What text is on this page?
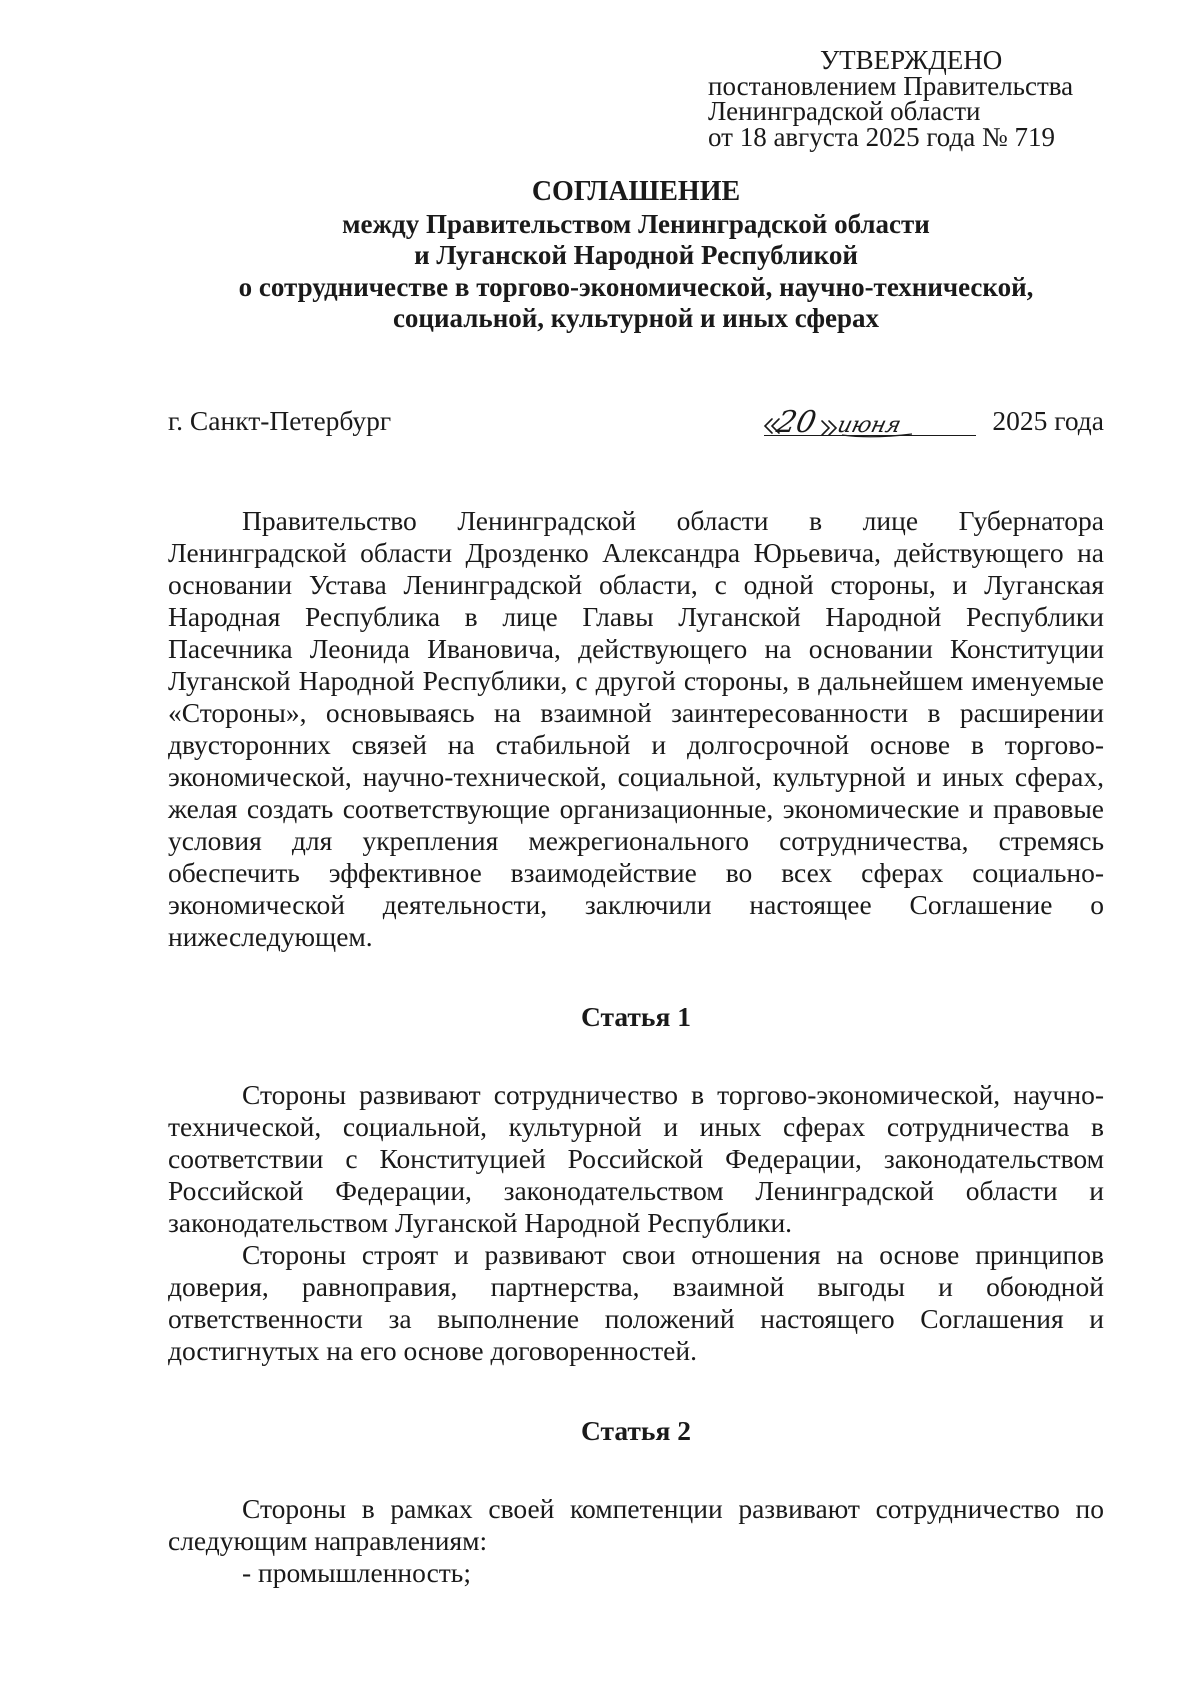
УТВЕРЖДЕНО
постановлением Правительства
Ленинградской области
от 18 августа 2025 года № 719
СОГЛАШЕНИЕ
между Правительством Ленинградской области
и Луганской Народной Республикой
о сотрудничестве в торгово-экономической, научно-технической,
социальной, культурной и иных сферах
г. Санкт-Петербург	20 июня	2025 года

Правительство Ленинградской области в лице Губернатора Ленинградской области Дрозденко Александра Юрьевича, действующего на основании Устава Ленинградской области, с одной стороны, и Луганская Народная Республика в лице Главы Луганской Народной Республики Пасечника Леонида Ивановича, действующего на основании Конституции Луганской Народной Республики, с другой стороны, в дальнейшем именуемые «Стороны», основываясь на взаимной заинтересованности в расширении двусторонних связей на стабильной и долгосрочной основе в торгово-экономической, научно-технической, социальной, культурной и иных сферах, желая создать соответствующие организационные, экономические и правовые условия для укрепления межрегионального сотрудничества, стремясь обеспечить эффективное взаимодействие во всех сферах социально-экономической деятельности, заключили настоящее Соглашение о нижеследующем.

Статья 1

Стороны развивают сотрудничество в торгово-экономической, научно-технической, социальной, культурной и иных сферах сотрудничества в соответствии с Конституцией Российской Федерации, законодательством Российской Федерации, законодательством Ленинградской области и законодательством Луганской Народной Республики.

Стороны строят и развивают свои отношения на основе принципов доверия, равноправия, партнерства, взаимной выгоды и обоюдной ответственности за выполнение положений настоящего Соглашения и достигнутых на его основе договоренностей.

Статья 2

Стороны в рамках своей компетенции развивают сотрудничество по следующим направлениям:

- промышленность;
